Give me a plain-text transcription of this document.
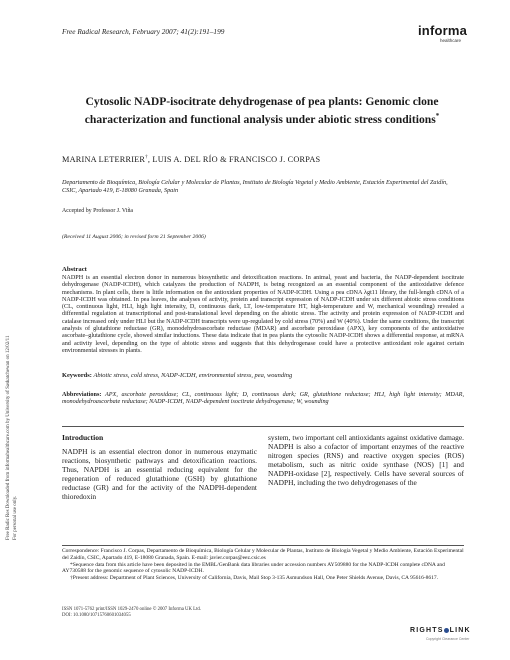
Free Radic Res Downloaded from informahealthcare.com by University of Saskatchewan on 12/02/11 For personal use only.
Free Radical Research, February 2007; 41(2):191–199	informa
healthcare
Cytosolic NADP-isocitrate dehydrogenase of pea plants: Genomic clone characterization and functional analysis under abiotic stress conditions*
MARINA LETERRIER†, LUIS A. DEL RÍO & FRANCISCO J. CORPAS
Departamento de Bioquímica, Biología Celular y Molecular de Plantas, Instituto de Biología Vegetal y Medio Ambiente, Estación Experimental del Zaidín, CSIC, Apartado 419, E-18080 Granada, Spain
Accepted by Professor J. Viña
(Received 11 August 2006; in revised form 21 September 2006)
Abstract
NADPH is an essential electron donor in numerous biosynthetic and detoxification reactions. In animal, yeast and bacteria, the NADP-dependent isocitrate dehydrogenase (NADP-ICDH), which catalyzes the production of NADPH, is being recognized as an essential component of the antioxidative defence mechanisms. In plant cells, there is little information on the antioxidant properties of NADP-ICDH. Using a pea cDNA λgt11 library, the full-length cDNA of a NADP-ICDH was obtained. In pea leaves, the analyses of activity, protein and transcript expression of NADP-ICDH under six different abiotic stress conditions (CL, continuous light, HLI, high light intensity, D, continuous dark, LT, low-temperature HT, high-temperature and W, mechanical wounding) revealed a differential regulation at transcriptional and post-translational level depending on the abiotic stress. The activity and protein expression of NADP-ICDH and catalase increased only under HLI but the NADP-ICDH transcripts were up-regulated by cold stress (70%) and W (40%). Under the same conditions, the transcript analysis of glutathione reductase (GR), monodehydroascorbate reductase (MDAR) and ascorbate peroxidase (APX), key components of the antioxidative ascorbate–glutathione cycle, showed similar inductions. These data indicate that in pea plants the cytosolic NADP-ICDH shows a differential response, at mRNA and activity level, depending on the type of abiotic stress and suggests that this dehydrogenase could have a protective antioxidant role against certain environmental stresses in plants.
Keywords: Abiotic stress, cold stress, NADP-ICDH, environmental stress, pea, wounding
Abbreviations: APX, ascorbate peroxidase; CL, continuous light; D, continuous dark; GR, glutathione reductase; HLI, high light intensity; MDAR, monodehydroascorbate reductase; NADP-ICDH, NADP-dependent isocitrate dehydrogenase; W, wounding
Introduction
NADPH is an essential electron donor in numerous enzymatic reactions, biosynthetic pathways and detoxification reactions. Thus, NAPDH is an essential reducing equivalent for the regeneration of reduced glutathione (GSH) by glutathione reductase (GR) and for the activity of the NADPH-dependent thioredoxin
system, two important cell antioxidants against oxidative damage. NADPH is also a cofactor of important enzymes of the reactive nitrogen species (RNS) and reactive oxygen species (ROS) metabolism, such as nitric oxide synthase (NOS) [1] and NADPH-oxidase [2], respectively. Cells have several sources of NADPH, including the two dehydrogenases of the

Correspondence: Francisco J. Corpas, Departamento de Bioquímica, Biología Celular y Molecular de Plantas, Instituto de Biología Vegetal y Medio Ambiente, Estación Experimental del Zaidín, CSIC, Apartado 419, E-18080 Granada, Spain. E-mail: javier.corpas@eez.csic.es

*Sequence data from this article have been deposited in the EMBL/GenBank data libraries under accession numbers AY509880 for the NADP-ICDH complete cDNA and AY730588 for the genomic sequence of cytosolic NADP-ICDH.

†Present address: Department of Plant Sciences, University of California, Davis, Mail Stop 3-135 Asmundson Hall, One Peter Shields Avenue, Davis, CA 95616-8617.

ISSN 1071-5762 print/ISSN 1029-2470 online © 2007 Informa UK Ltd.
DOI: 10.1080/10715760601034055
RIGHTS LINK
Copyright Clearance Center
